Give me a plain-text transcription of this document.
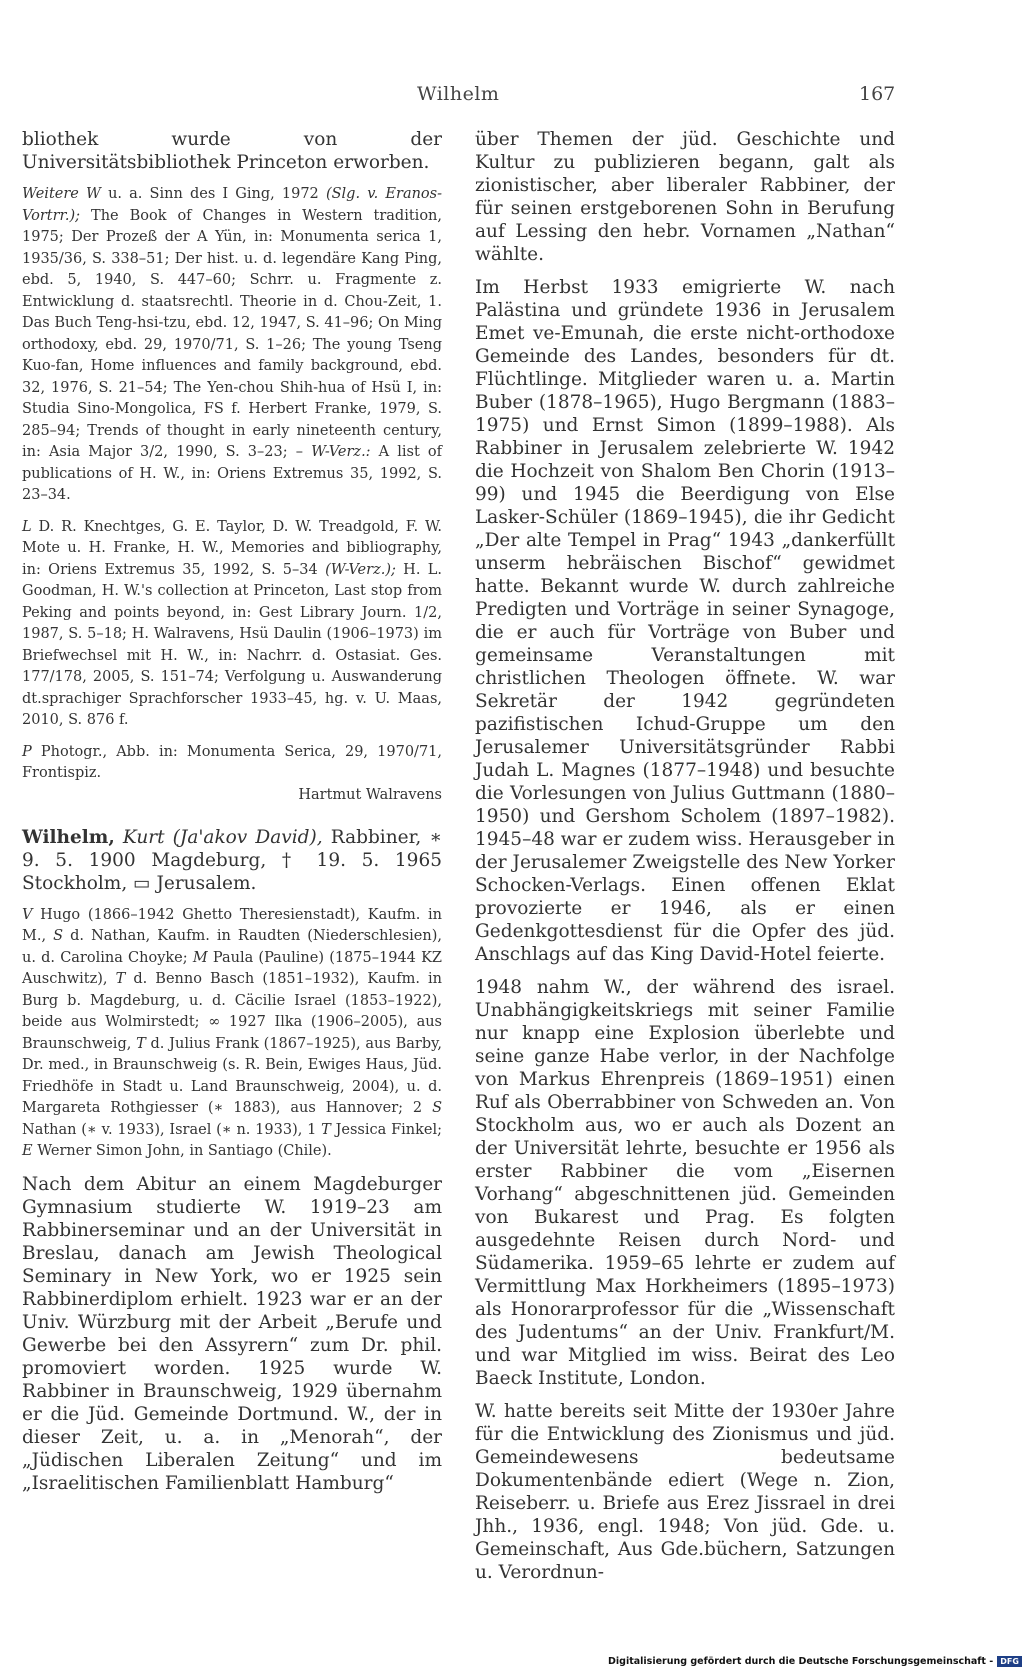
Wilhelm	167

bliothek wurde von der Universitätsbibliothek Princeton erworben.

Weitere W u. a. Sinn des I Ging, 1972 (Slg. v. Eranos-Vortrr.); The Book of Changes in Western tradition, 1975; Der Prozeß der A Yün, in: Monumenta serica 1, 1935/36, S. 338–51; Der hist. u. d. legendäre Kang Ping, ebd. 5, 1940, S. 447–60; Schrr. u. Fragmente z. Entwicklung d. staatsrechtl. Theorie in d. Chou-Zeit, 1. Das Buch Teng-hsi-tzu, ebd. 12, 1947, S. 41–96; On Ming orthodoxy, ebd. 29, 1970/71, S. 1–26; The young Tseng Kuo-fan, Home influences and family background, ebd. 32, 1976, S. 21–54; The Yen-chou Shih-hua of Hsü I, in: Studia Sino-Mongolica, FS f. Herbert Franke, 1979, S. 285–94; Trends of thought in early nineteenth century, in: Asia Major 3/2, 1990, S. 3–23; – W-Verz.: A list of publications of H. W., in: Oriens Extremus 35, 1992, S. 23–34.

L D. R. Knechtges, G. E. Taylor, D. W. Treadgold, F. W. Mote u. H. Franke, H. W., Memories and bibliography, in: Oriens Extremus 35, 1992, S. 5–34 (W-Verz.); H. L. Goodman, H. W.'s collection at Princeton, Last stop from Peking and points beyond, in: Gest Library Journ. 1/2, 1987, S. 5–18; H. Walravens, Hsü Daulin (1906–1973) im Briefwechsel mit H. W., in: Nachrr. d. Ostasiat. Ges. 177/178, 2005, S. 151–74; Verfolgung u. Auswanderung dt.sprachiger Sprachforscher 1933–45, hg. v. U. Maas, 2010, S. 876 f.

P Photogr., Abb. in: Monumenta Serica, 29, 1970/71, Frontispiz.

Hartmut Walravens

Wilhelm, Kurt (Ja'akov David), Rabbiner, ∗ 9. 5. 1900 Magdeburg, † 19. 5. 1965 Stockholm, ▭ Jerusalem.

V Hugo (1866–1942 Ghetto Theresienstadt), Kaufm. in M., S d. Nathan, Kaufm. in Raudten (Niederschlesien), u. d. Carolina Choyke; M Paula (Pauline) (1875–1944 KZ Auschwitz), T d. Benno Basch (1851–1932), Kaufm. in Burg b. Magdeburg, u. d. Cäcilie Israel (1853–1922), beide aus Wolmirstedt; ∞ 1927 Ilka (1906–2005), aus Braunschweig, T d. Julius Frank (1867–1925), aus Barby, Dr. med., in Braunschweig (s. R. Bein, Ewiges Haus, Jüd. Friedhöfe in Stadt u. Land Braunschweig, 2004), u. d. Margareta Rothgiesser (∗ 1883), aus Hannover; 2 S Nathan (∗ v. 1933), Israel (∗ n. 1933), 1 T Jessica Finkel; E Werner Simon John, in Santiago (Chile).

Nach dem Abitur an einem Magdeburger Gymnasium studierte W. 1919–23 am Rabbinerseminar und an der Universität in Breslau, danach am Jewish Theological Seminary in New York, wo er 1925 sein Rabbinerdiplom erhielt. 1923 war er an der Univ. Würzburg mit der Arbeit „Berufe und Gewerbe bei den Assyrern“ zum Dr. phil. promoviert worden. 1925 wurde W. Rabbiner in Braunschweig, 1929 übernahm er die Jüd. Gemeinde Dortmund. W., der in dieser Zeit, u. a. in „Menorah“, der „Jüdischen Liberalen Zeitung“ und im „Israelitischen Familienblatt Hamburg“

über Themen der jüd. Geschichte und Kultur zu publizieren begann, galt als zionistischer, aber liberaler Rabbiner, der für seinen erstgeborenen Sohn in Berufung auf Lessing den hebr. Vornamen „Nathan“ wählte.

Im Herbst 1933 emigrierte W. nach Palästina und gründete 1936 in Jerusalem Emet ve-Emunah, die erste nicht-orthodoxe Gemeinde des Landes, besonders für dt. Flüchtlinge. Mitglieder waren u. a. Martin Buber (1878–1965), Hugo Bergmann (1883–1975) und Ernst Simon (1899–1988). Als Rabbiner in Jerusalem zelebrierte W. 1942 die Hochzeit von Shalom Ben Chorin (1913–99) und 1945 die Beerdigung von Else Lasker-Schüler (1869–1945), die ihr Gedicht „Der alte Tempel in Prag“ 1943 „dankerfüllt unserm hebräischen Bischof“ gewidmet hatte. Bekannt wurde W. durch zahlreiche Predigten und Vorträge in seiner Synagoge, die er auch für Vorträge von Buber und gemeinsame Veranstaltungen mit christlichen Theologen öffnete. W. war Sekretär der 1942 gegründeten pazifistischen Ichud-Gruppe um den Jerusalemer Universitätsgründer Rabbi Judah L. Magnes (1877–1948) und besuchte die Vorlesungen von Julius Guttmann (1880–1950) und Gershom Scholem (1897–1982). 1945–48 war er zudem wiss. Herausgeber in der Jerusalemer Zweigstelle des New Yorker Schocken-Verlags. Einen offenen Eklat provozierte er 1946, als er einen Gedenkgottesdienst für die Opfer des jüd. Anschlags auf das King David-Hotel feierte.

1948 nahm W., der während des israel. Unabhängigkeitskriegs mit seiner Familie nur knapp eine Explosion überlebte und seine ganze Habe verlor, in der Nachfolge von Markus Ehrenpreis (1869–1951) einen Ruf als Oberrabbiner von Schweden an. Von Stockholm aus, wo er auch als Dozent an der Universität lehrte, besuchte er 1956 als erster Rabbiner die vom „Eisernen Vorhang“ abgeschnittenen jüd. Gemeinden von Bukarest und Prag. Es folgten ausgedehnte Reisen durch Nord- und Südamerika. 1959–65 lehrte er zudem auf Vermittlung Max Horkheimers (1895–1973) als Honorarprofessor für die „Wissenschaft des Judentums“ an der Univ. Frankfurt/M. und war Mitglied im wiss. Beirat des Leo Baeck Institute, London.

W. hatte bereits seit Mitte der 1930er Jahre für die Entwicklung des Zionismus und jüd. Gemeindewesens bedeutsame Dokumentenbände ediert (Wege n. Zion, Reiseberr. u. Briefe aus Erez Jissrael in drei Jhh., 1936, engl. 1948; Von jüd. Gde. u. Gemeinschaft, Aus Gde.büchern, Satzungen u. Verordnun-

Digitalisierung gefördert durch die Deutsche Forschungsgemeinschaft - DFG
